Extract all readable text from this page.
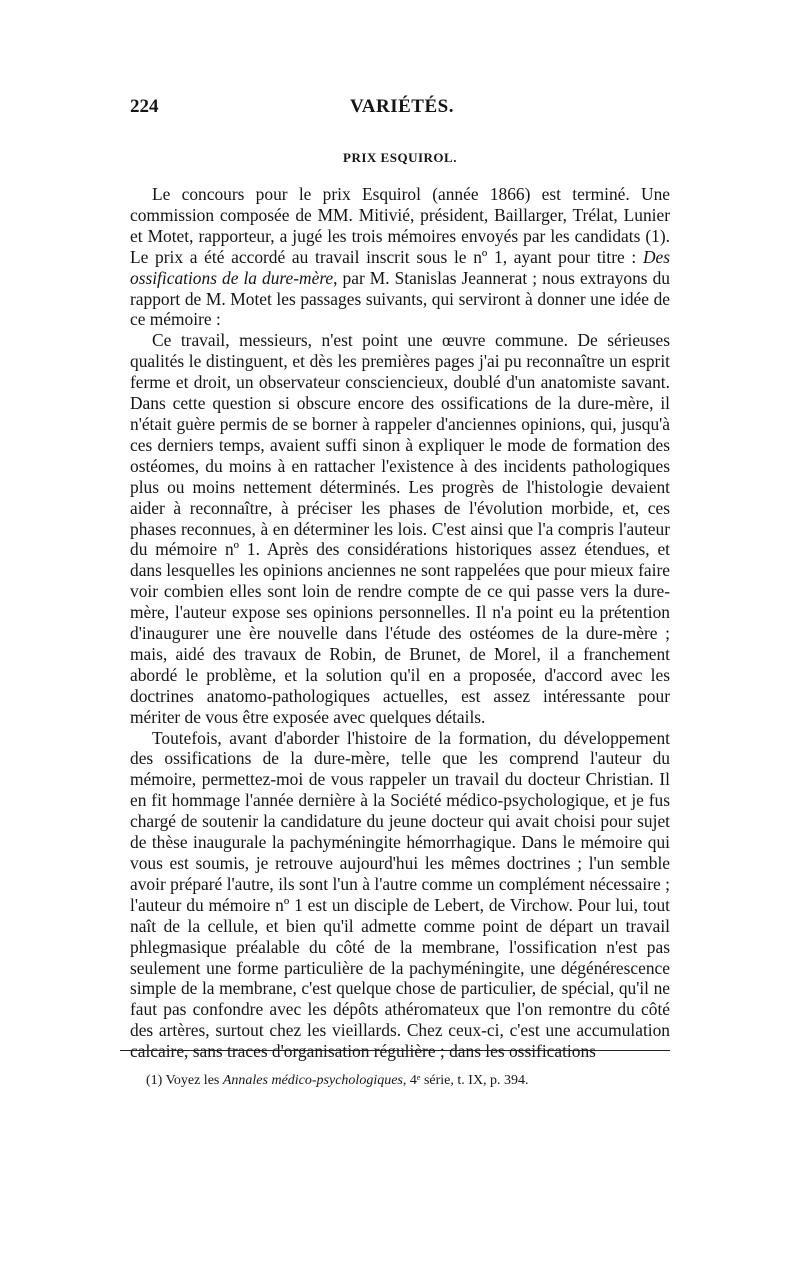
224	VARIÉTÉS.
PRIX ESQUIROL.

Le concours pour le prix Esquirol (année 1866) est terminé. Une commission composée de MM. Mitivié, président, Baillarger, Trélat, Lunier et Motet, rapporteur, a jugé les trois mémoires envoyés par les candidats (1). Le prix a été accordé au travail inscrit sous le nº 1, ayant pour titre : Des ossifications de la dure-mère, par M. Stanislas Jeannerat ; nous extrayons du rapport de M. Motet les passages suivants, qui serviront à donner une idée de ce mémoire :

Ce travail, messieurs, n'est point une œuvre commune. De sérieuses qualités le distinguent, et dès les premières pages j'ai pu reconnaître un esprit ferme et droit, un observateur consciencieux, doublé d'un anatomiste savant. Dans cette question si obscure encore des ossifications de la dure-mère, il n'était guère permis de se borner à rappeler d'anciennes opinions, qui, jusqu'à ces derniers temps, avaient suffi sinon à expliquer le mode de formation des ostéomes, du moins à en rattacher l'existence à des incidents pathologiques plus ou moins nettement déterminés. Les progrès de l'histologie devaient aider à reconnaître, à préciser les phases de l'évolution morbide, et, ces phases reconnues, à en déterminer les lois. C'est ainsi que l'a compris l'auteur du mémoire nº 1. Après des considérations historiques assez étendues, et dans lesquelles les opinions anciennes ne sont rappelées que pour mieux faire voir combien elles sont loin de rendre compte de ce qui passe vers la dure-mère, l'auteur expose ses opinions personnelles. Il n'a point eu la prétention d'inaugurer une ère nouvelle dans l'étude des ostéomes de la dure-mère ; mais, aidé des travaux de Robin, de Brunet, de Morel, il a franchement abordé le problème, et la solution qu'il en a proposée, d'accord avec les doctrines anatomo-pathologiques actuelles, est assez intéressante pour mériter de vous être exposée avec quelques détails.

Toutefois, avant d'aborder l'histoire de la formation, du développement des ossifications de la dure-mère, telle que les comprend l'auteur du mémoire, permettez-moi de vous rappeler un travail du docteur Christian. Il en fit hommage l'année dernière à la Société médico-psychologique, et je fus chargé de soutenir la candidature du jeune docteur qui avait choisi pour sujet de thèse inaugurale la pachyméningite hémorrhagique. Dans le mémoire qui vous est soumis, je retrouve aujourd'hui les mêmes doctrines ; l'un semble avoir préparé l'autre, ils sont l'un à l'autre comme un complément nécessaire ; l'auteur du mémoire nº 1 est un disciple de Lebert, de Virchow. Pour lui, tout naît de la cellule, et bien qu'il admette comme point de départ un travail phlegmasique préalable du côté de la membrane, l'ossification n'est pas seulement une forme particulière de la pachyméningite, une dégénérescence simple de la membrane, c'est quelque chose de particulier, de spécial, qu'il ne faut pas confondre avec les dépôts athéromateux que l'on remontre du côté des artères, surtout chez les vieillards. Chez ceux-ci, c'est une accumulation calcaire, sans traces d'organisation régulière ; dans les ossifications

(1) Voyez les Annales médico-psychologiques, 4ᵉ série, t. IX, p. 394.
